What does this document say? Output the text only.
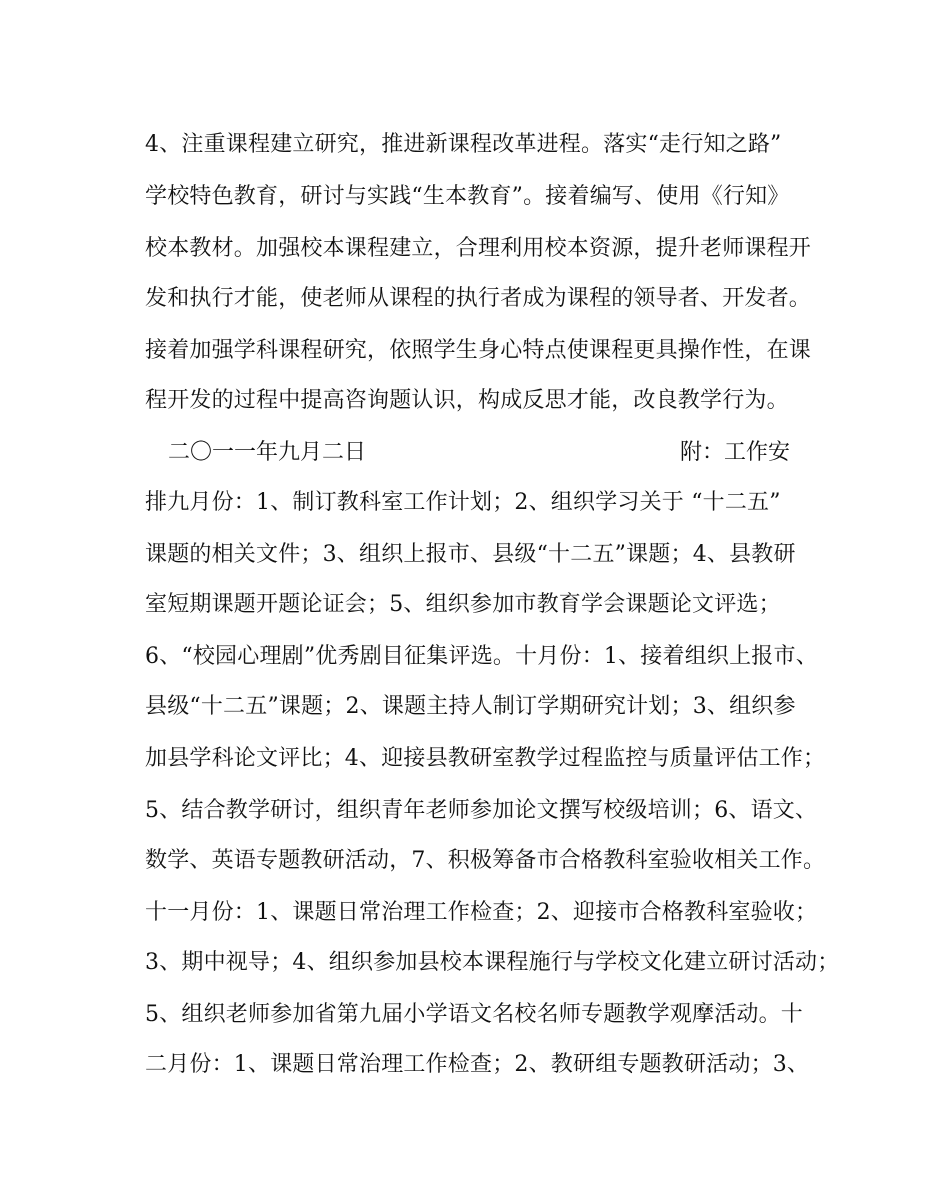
4、注重课程建立研究，推进新课程改革进程。落实“走行知之路”
学校特色教育，研讨与实践“生本教育”。接着编写、使用《行知》
校本教材。加强校本课程建立，合理利用校本资源，提升老师课程开
发和执行才能，使老师从课程的执行者成为课程的领导者、开发者。
接着加强学科课程研究，依照学生身心特点使课程更具操作性，在课
程开发的过程中提高咨询题认识，构成反思才能，改良教学行为。
二〇一一年九月二日	附：工作安
排九月份：1、制订教科室工作计划；2、组织学习关于 “十二五”
课题的相关文件；3、组织上报市、县级“十二五”课题；4、县教研
室短期课题开题论证会；5、组织参加市教育学会课题论文评选；
6、“校园心理剧”优秀剧目征集评选。十月份：1、接着组织上报市、
县级“十二五”课题；2、课题主持人制订学期研究计划；3、组织参
加县学科论文评比；4、迎接县教研室教学过程监控与质量评估工作；
5、结合教学研讨，组织青年老师参加论文撰写校级培训；6、语文、
数学、英语专题教研活动，7、积极筹备市合格教科室验收相关工作。
十一月份：1、课题日常治理工作检查；2、迎接市合格教科室验收；
3、期中视导；4、组织参加县校本课程施行与学校文化建立研讨活动；
5、组织老师参加省第九届小学语文名校名师专题教学观摩活动。十
二月份：1、课题日常治理工作检查；2、教研组专题教研活动；3、
